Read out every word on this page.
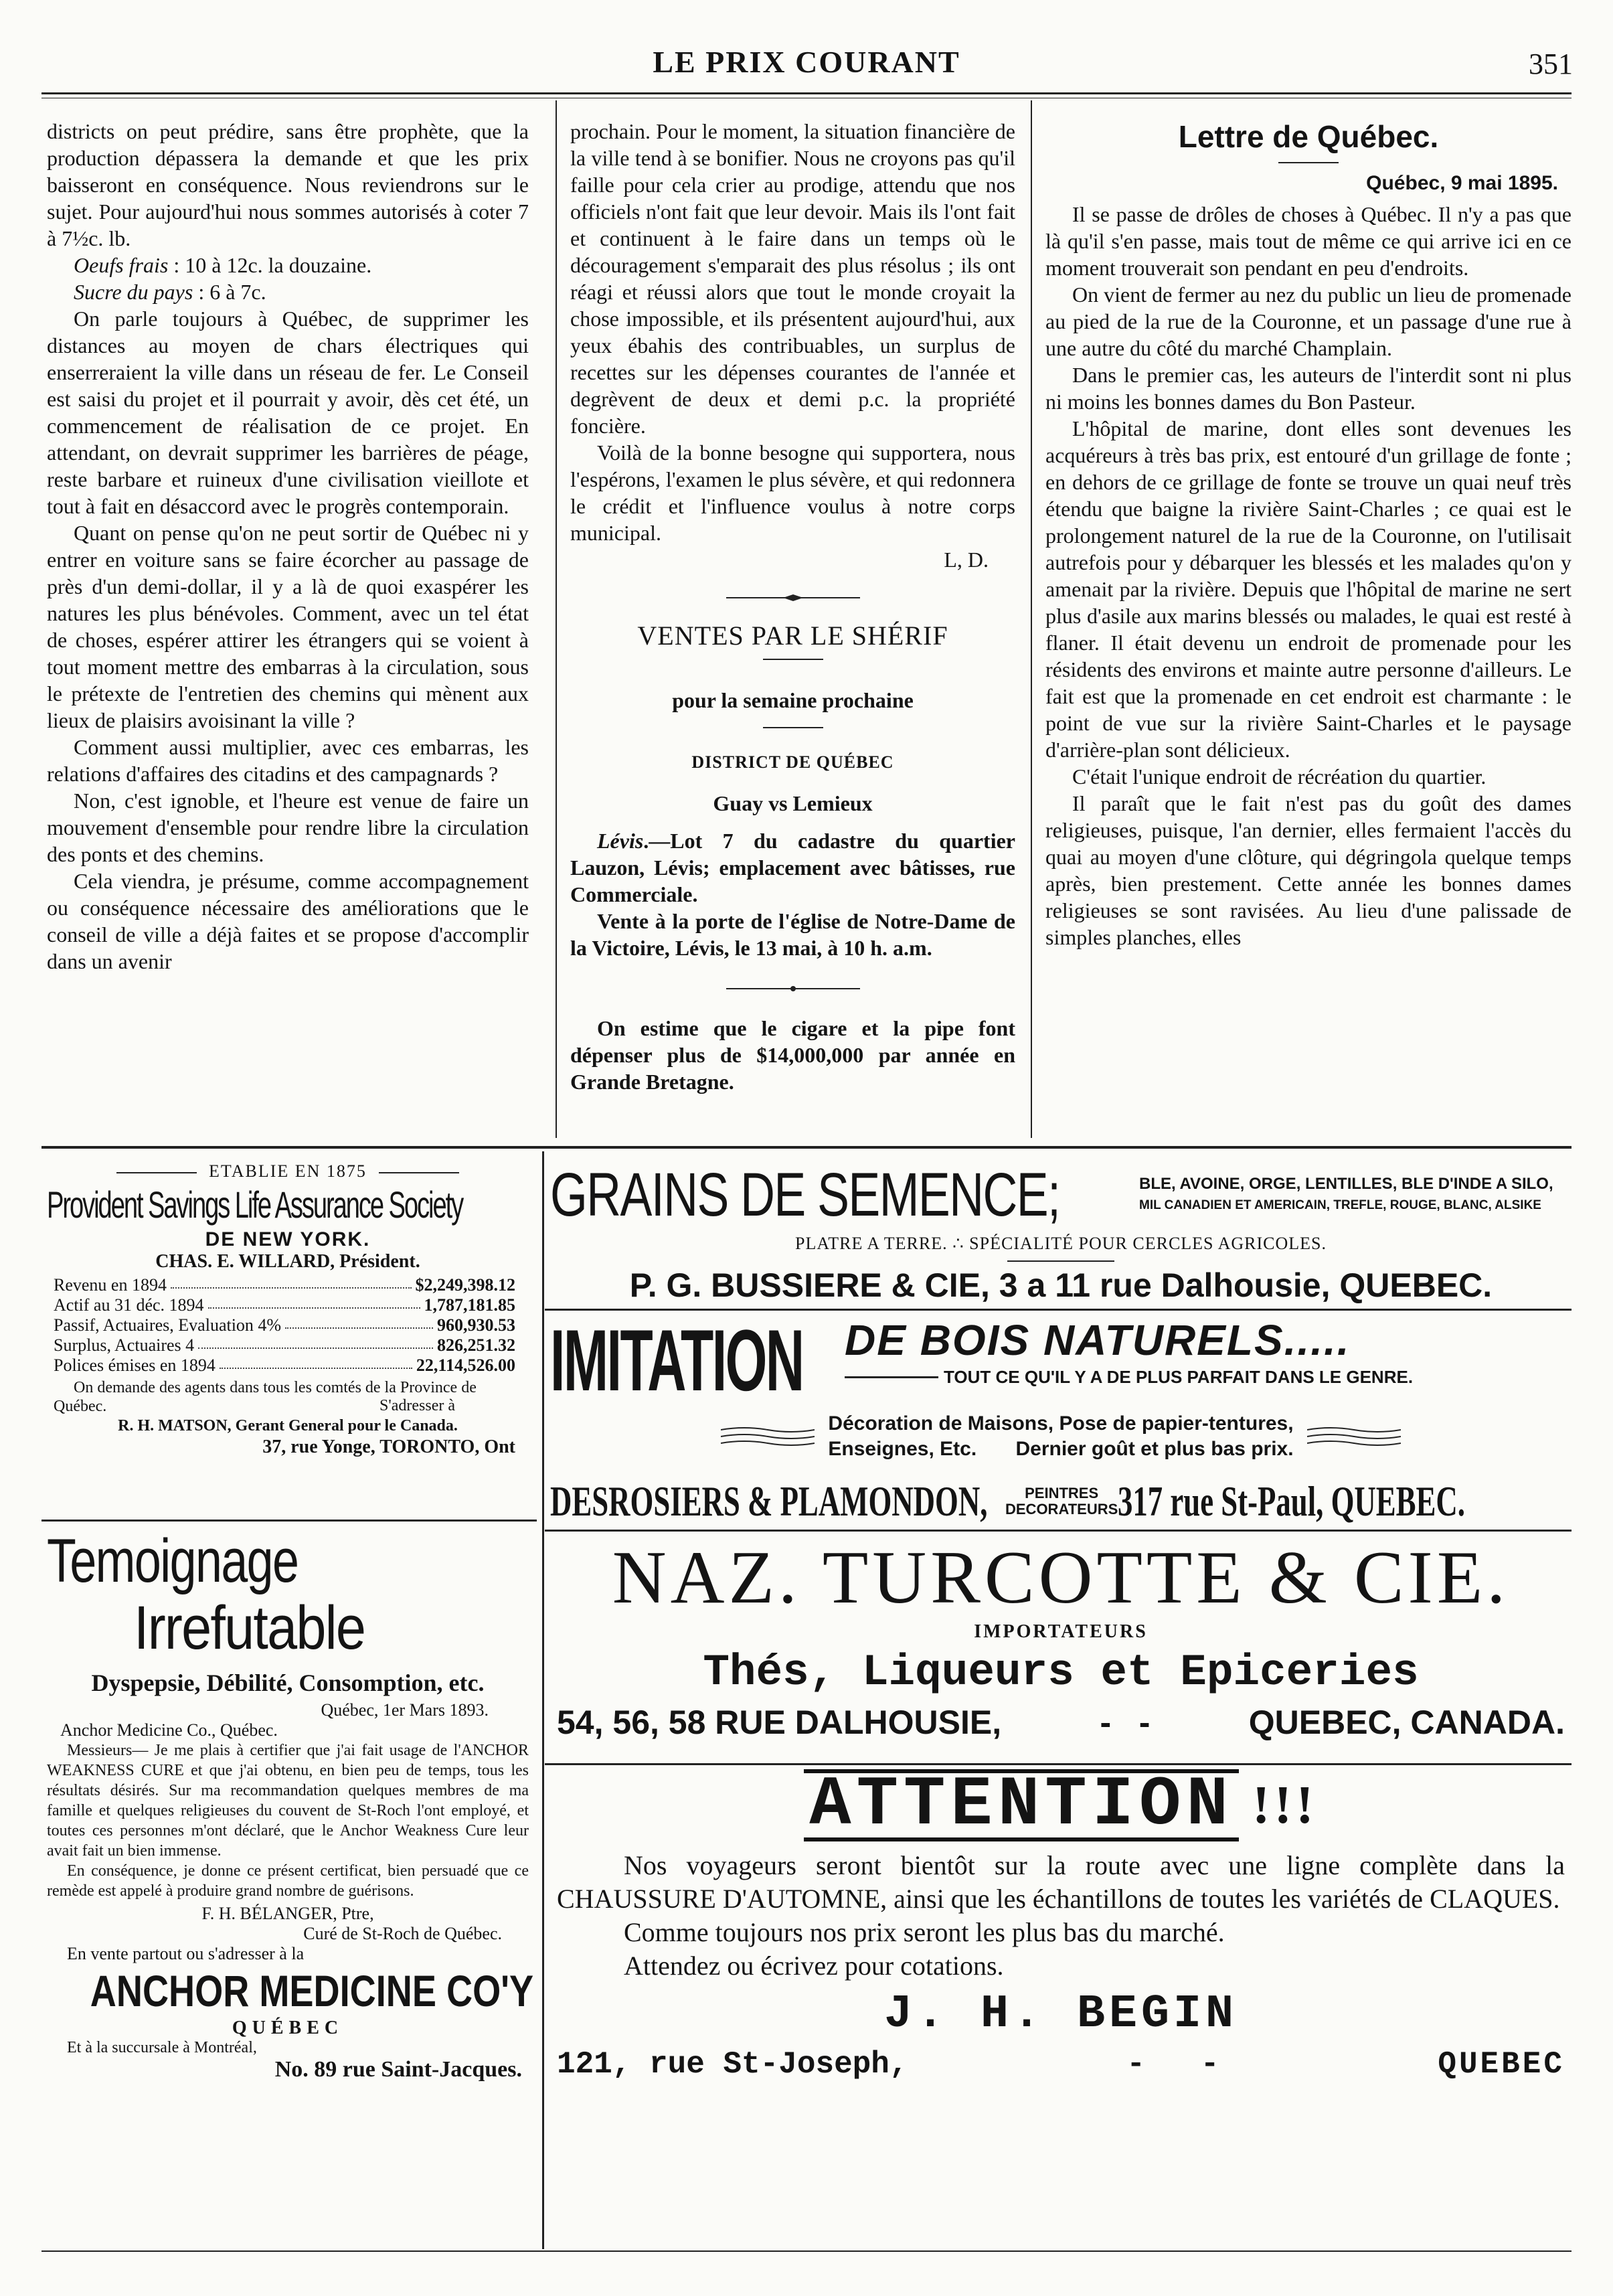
LE PRIX COURANT	351

districts on peut prédire, sans être prophète, que la production dépassera la demande et que les prix baisseront en conséquence. Nous reviendrons sur le sujet. Pour aujourd'hui nous sommes autorisés à coter 7 à 7½c. lb.

Oeufs frais : 10 à 12c. la douzaine.

Sucre du pays : 6 à 7c.

On parle toujours à Québec, de supprimer les distances au moyen de chars électriques qui enserreraient la ville dans un réseau de fer. Le Conseil est saisi du projet et il pourrait y avoir, dès cet été, un commencement de réalisation de ce projet. En attendant, on devrait supprimer les barrières de péage, reste barbare et ruineux d'une civilisation vieillote et tout à fait en désaccord avec le progrès contemporain.

Quant on pense qu'on ne peut sortir de Québec ni y entrer en voiture sans se faire écorcher au passage de près d'un demi-dollar, il y a là de quoi exaspérer les natures les plus bénévoles. Comment, avec un tel état de choses, espérer attirer les étrangers qui se voient à tout moment mettre des embarras à la circulation, sous le prétexte de l'entretien des chemins qui mènent aux lieux de plaisirs avoisinant la ville ?

Comment aussi multiplier, avec ces embarras, les relations d'affaires des citadins et des campagnards ?

Non, c'est ignoble, et l'heure est venue de faire un mouvement d'ensemble pour rendre libre la circulation des ponts et des chemins.

Cela viendra, je présume, comme accompagnement ou conséquence nécessaire des améliorations que le conseil de ville a déjà faites et se propose d'accomplir dans un avenir

prochain. Pour le moment, la situation financière de la ville tend à se bonifier. Nous ne croyons pas qu'il faille pour cela crier au prodige, attendu que nos officiels n'ont fait que leur devoir. Mais ils l'ont fait et continuent à le faire dans un temps où le découragement s'emparait des plus résolus ; ils ont réagi et réussi alors que tout le monde croyait la chose impossible, et ils présentent aujourd'hui, aux yeux ébahis des contribuables, un surplus de recettes sur les dépenses courantes de l'année et degrèvent de deux et demi p.c. la propriété foncière.

Voilà de la bonne besogne qui supportera, nous l'espérons, l'examen le plus sévère, et qui redonnera le crédit et l'influence voulus à notre corps municipal.

L, D.
VENTES PAR LE SHÉRIF
pour la semaine prochaine
DISTRICT DE QUÉBEC
Guay vs Lemieux

Lévis.—Lot 7 du cadastre du quartier Lauzon, Lévis; emplacement avec bâtisses, rue Commerciale.

Vente à la porte de l'église de Notre-Dame de la Victoire, Lévis, le 13 mai, à 10 h. a.m.

On estime que le cigare et la pipe font dépenser plus de $14,000,000 par année en Grande Bretagne.

Lettre de Québec.
Québec, 9 mai 1895.

Il se passe de drôles de choses à Québec. Il n'y a pas que là qu'il s'en passe, mais tout de même ce qui arrive ici en ce moment trouverait son pendant en peu d'endroits.

On vient de fermer au nez du public un lieu de promenade au pied de la rue de la Couronne, et un passage d'une rue à une autre du côté du marché Champlain.

Dans le premier cas, les auteurs de l'interdit sont ni plus ni moins les bonnes dames du Bon Pasteur.

L'hôpital de marine, dont elles sont devenues les acquéreurs à très bas prix, est entouré d'un grillage de fonte ; en dehors de ce grillage de fonte se trouve un quai neuf très étendu que baigne la rivière Saint-Charles ; ce quai est le prolongement naturel de la rue de la Couronne, on l'utilisait autrefois pour y débarquer les blessés et les malades qu'on y amenait par la rivière. Depuis que l'hôpital de marine ne sert plus d'asile aux marins blessés ou malades, le quai est resté à flaner. Il était devenu un endroit de promenade pour les résidents des environs et mainte autre personne d'ailleurs. Le fait est que la promenade en cet endroit est charmante : le point de vue sur la rivière Saint-Charles et le paysage d'arrière-plan sont délicieux.

C'était l'unique endroit de récréation du quartier.

Il paraît que le fait n'est pas du goût des dames religieuses, puisque, l'an dernier, elles fermaient l'accès du quai au moyen d'une clôture, qui dégringola quelque temps après, bien prestement. Cette année les bonnes dames religieuses se sont ravisées. Au lieu d'une palissade de simples planches, elles

ETABLIE EN 1875
Provident Savings Life Assurance Society
DE NEW YORK.
CHAS. E. WILLARD, Président.
Revenu en 1894	$2,249,398.12
Actif au 31 déc. 1894	1,787,181.85
Passif, Actuaires, Evaluation 4%	960,930.53
Surplus, Actuaires 4	826,251.32
Polices émises en 1894	22,114,526.00
On demande des agents dans tous les comtés de la Province de Québec.	S'adresser à
R. H. MATSON, Gerant General pour le Canada.
37, rue Yonge, TORONTO, Ont
Temoignage
Irrefutable
Dyspepsie, Débilité, Consomption, etc.
Québec, 1er Mars 1893.
Anchor Medicine Co., Québec.
Messieurs— Je me plais à certifier que j'ai fait usage de l'ANCHOR WEAKNESS CURE et que j'ai obtenu, en bien peu de temps, tous les résultats désirés. Sur ma recommandation quelques membres de ma famille et quelques religieuses du couvent de St-Roch l'ont employé, et toutes ces personnes m'ont déclaré, que le Anchor Weakness Cure leur avait fait un bien immense.
En conséquence, je donne ce présent certificat, bien persuadé que ce remède est appelé à produire grand nombre de guérisons.
F. H. BÉLANGER, Ptre,
Curé de St-Roch de Québec.
En vente partout ou s'adresser à la
ANCHOR MEDICINE CO'Y
QUÉBEC
Et à la succursale à Montréal,
No. 89 rue Saint-Jacques.
GRAINS DE SEMENCE;	BLE, AVOINE, ORGE, LENTILLES, BLE D'INDE A SILO,
MIL CANADIEN ET AMERICAIN, TREFLE, ROUGE, BLANC, ALSIKE
PLATRE A TERRE. ∴ SPÉCIALITÉ POUR CERCLES AGRICOLES.
P. G. BUSSIERE & CIE, 3 a 11 rue Dalhousie, QUEBEC.
IMITATION DE BOIS NATURELS.....
TOUT CE QU'IL Y A DE PLUS PARFAIT DANS LE GENRE.
Décoration de Maisons, Pose de papier-tentures,
Enseignes, Etc. Dernier goût et plus bas prix.
DESROSIERS & PLAMONDON,	PEINTRES
DECORATEURS 317 rue St-Paul, QUEBEC.
NAZ. TURCOTTE & CIE.
IMPORTATEURS
Thés, Liqueurs et Epiceries
54, 56, 58 RUE DALHOUSIE,	-   -	QUEBEC, CANADA.
ATTENTION !!!
Nos voyageurs seront bientôt sur la route avec une ligne complète dans la CHAUSSURE D'AUTOMNE, ainsi que les échantillons de toutes les variétés de CLAQUES.
Comme toujours nos prix seront les plus bas du marché.
Attendez ou écrivez pour cotations.
J. H. BEGIN
121, rue St-Joseph,	-   -	QUEBEC
